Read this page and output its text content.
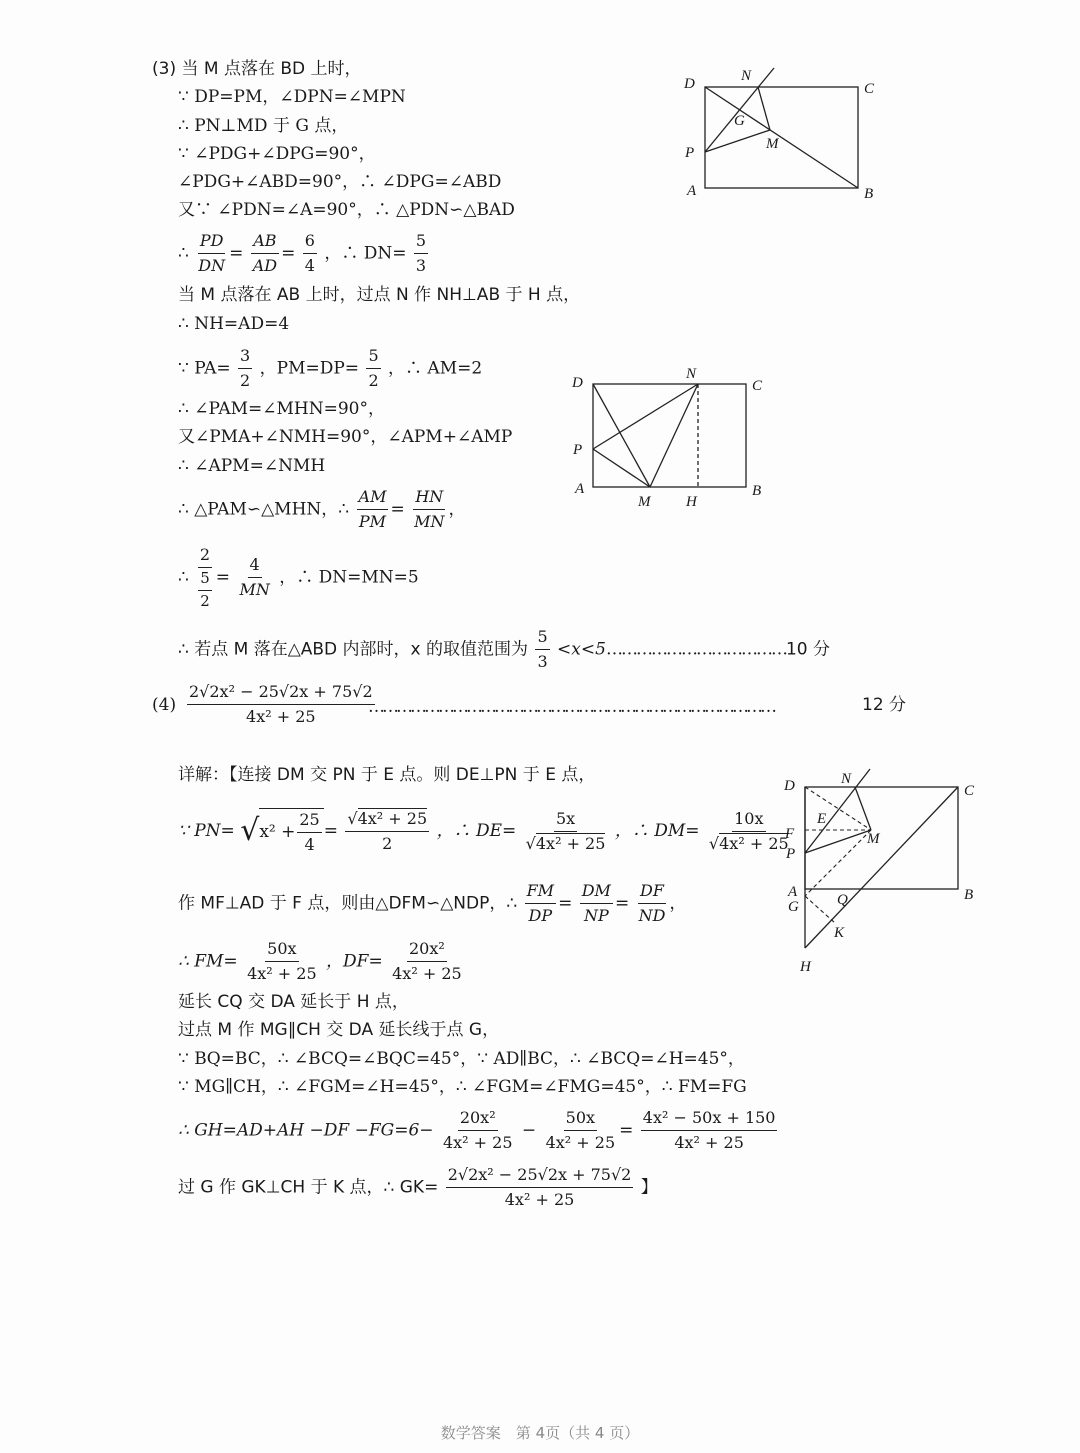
(3) 当 M 点落在 BD 上时，
∵ DP=PM，∠DPN=∠MPN
∴ PN⊥MD 于 G 点，
∵ ∠PDG+∠DPG=90°，
∠PDG+∠ABD=90°，∴ ∠DPG=∠ABD
又∵ ∠PDN=∠A=90°，∴ △PDN∽△BAD
∴ $\frac{PD}{DN} = \frac{AB}{AD} = \frac{6}{4}$ ，∴ $DN= \frac{5}{3}$
当 M 点落在 AB 上时，过点 N 作 NH⊥AB 于 H 点，
∴ NH=AD=4
∵ $PA= \frac{3}{2}$ ，$PM=DP= \frac{5}{2}$ ，∴ AM=2
∴ ∠PAM=∠MHN=90°，
又∠PMA+∠NMH=90°，∠APM+∠AMP
∴ ∠APM=∠NMH
∴ △PAM∽△MHN，∴ $\frac{AM}{PM} = \frac{HN}{MN}$ ，
∴ 2
5
$2 = \frac{4}{MN}$ ，∴ DN=MN=5
∴ 若点 M 落在△ABD 内部时，x 的取值范围为 $\frac{5}{3}$ <x<5………………………………10 分
$(4) \frac{\text{2√2x² − 25√2x + 75√2}}{\text{4x² + 25}}$
……………………………………………………………………………	12 分
详解：【连接 DM 交 PN 于 E 点。则 DE⊥PN 于 E 点，
∵ PN= √ $x^2 + \frac{25}{4} = \frac{\text{√4x² + 25}}{2}$ ，∴ $DE= \frac{5x}{\text{√4x² + 25}}$ ，∴ $DM= \frac{10x}{\text{√4x² + 25}}$
作 MF⊥AD 于 F 点，则由△DFM∽△NDP，∴ $\frac{FM}{DP} = \frac{DM}{NP} = \frac{DF}{ND}$ ，
∴ $FM= \frac{50x}{\text{4x² + 25}}$ ，$DF= \frac{\text{20x²}}{\text{4x² + 25}}$
延长 CQ 交 DA 延长于 H 点，
过点 M 作 MG∥CH 交 DA 延长线于点 G，
∵ BQ=BC，∴ ∠BCQ=∠BQC=45°，∵ AD∥BC，∴ ∠BCQ=∠H=45°，
∵ MG∥CH，∴ ∠FGM=∠H=45°，∴ ∠FGM=∠FMG=45°，∴ FM=FG
∴ $GH=AD+AH -DF -FG=6- \frac{\text{20x²}}{\text{4x² + 25}} - \frac{50x}{\text{4x² + 25}} = \frac{\text{4x² − 50x + 150}}{\text{4x² + 25}}$
过 G 作 GK⊥CH 于 K 点，∴ $GK= \frac{\text{2√2x² − 25√2x + 75√2}}{\text{4x² + 25}}$ 】
D	N
C
G
M
P
A	B
D
N
C
P
A
M H
B
D	N
C
E
M
F
P
A
G	Q	B
K
H
数学答案　第 4页（共 4 页）
